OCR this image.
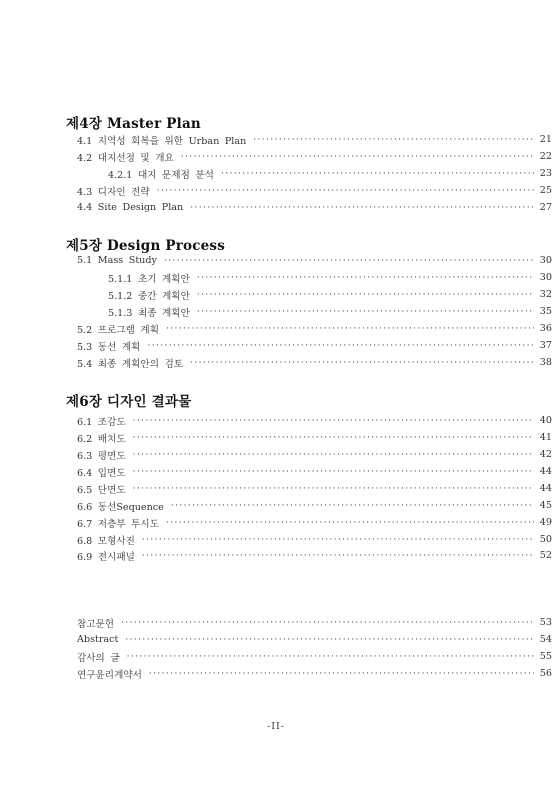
제4장 Master Plan
4.1 지역성 회복을 위한 Urban Plan ·····	21
4.2 대지선정 및 개요 ·····	22
4.2.1 대지 문제점 분석 ·····	23
4.3 디자인 전략 ·····	25
4.4 Site Design Plan ·····	27
제5장 Design Process
5.1 Mass Study ·····	30
5.1.1 초기 계획안 ·····	30
5.1.2 중간 계획안 ·····	32
5.1.3 최종 계획안 ·····	35
5.2 프로그램 계획 ·····	36
5.3 동선 계획 ·····	37
5.4 최종 계획안의 검토 ·····	38
제6장 디자인 결과물
6.1 조감도 ·····	40
6.2 배치도 ·····	41
6.3 평면도 ·····	42
6.4 입면도 ·····	44
6.5 단면도 ·····	44
6.6 동선Sequence ·····	45
6.7 저층부 투시도 ·····	49
6.8 모형사진 ·····	50
6.9 전시패널 ·····	52
참고문헌 ·····	53
Abstract ·····	54
감사의 글 ·····	55
연구윤리계약서 ·····	56
-II-
